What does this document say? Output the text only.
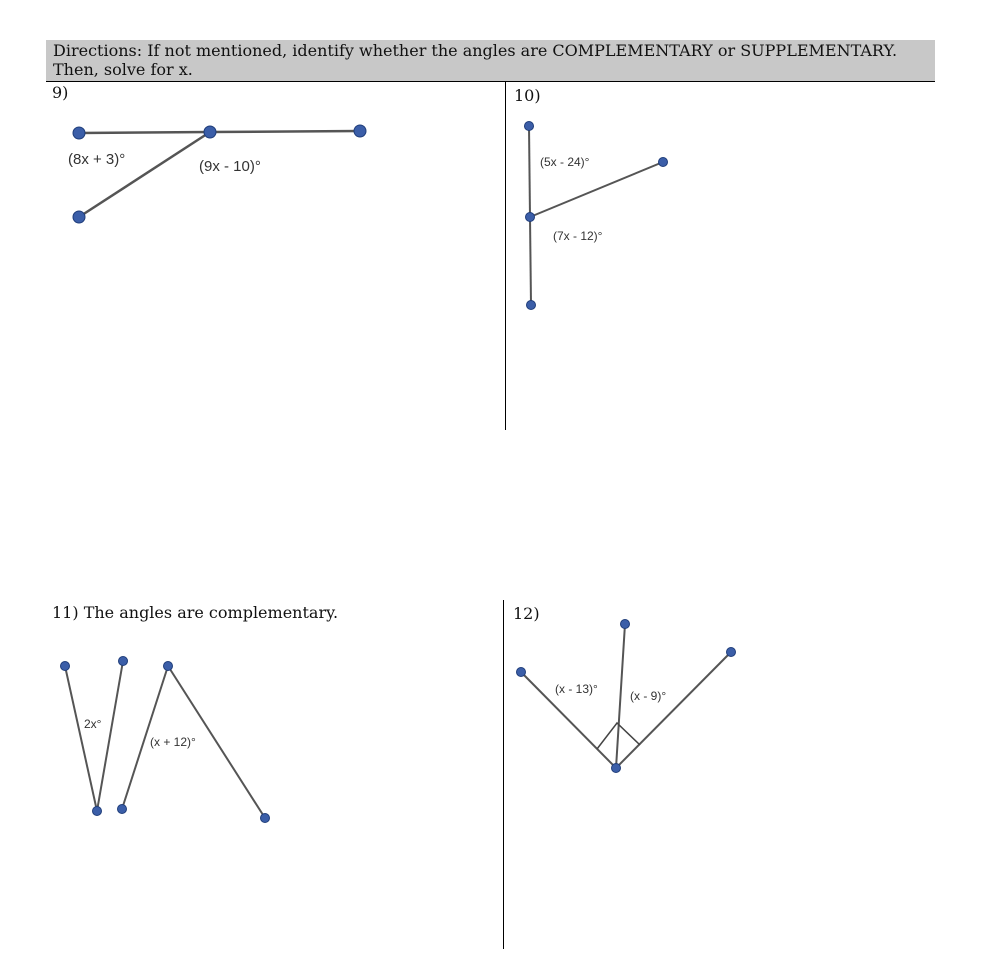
Directions: If not mentioned, identify whether the angles are COMPLEMENTARY or SUPPLEMENTARY. Then, solve for x.
9)	10)
11) The angles are complementary.	12)
(8x + 3)°	(9x - 10)°	(5x - 24)°
(7x - 12)°
2x°
(x + 12)°
(x - 13)°	(x - 9)°
